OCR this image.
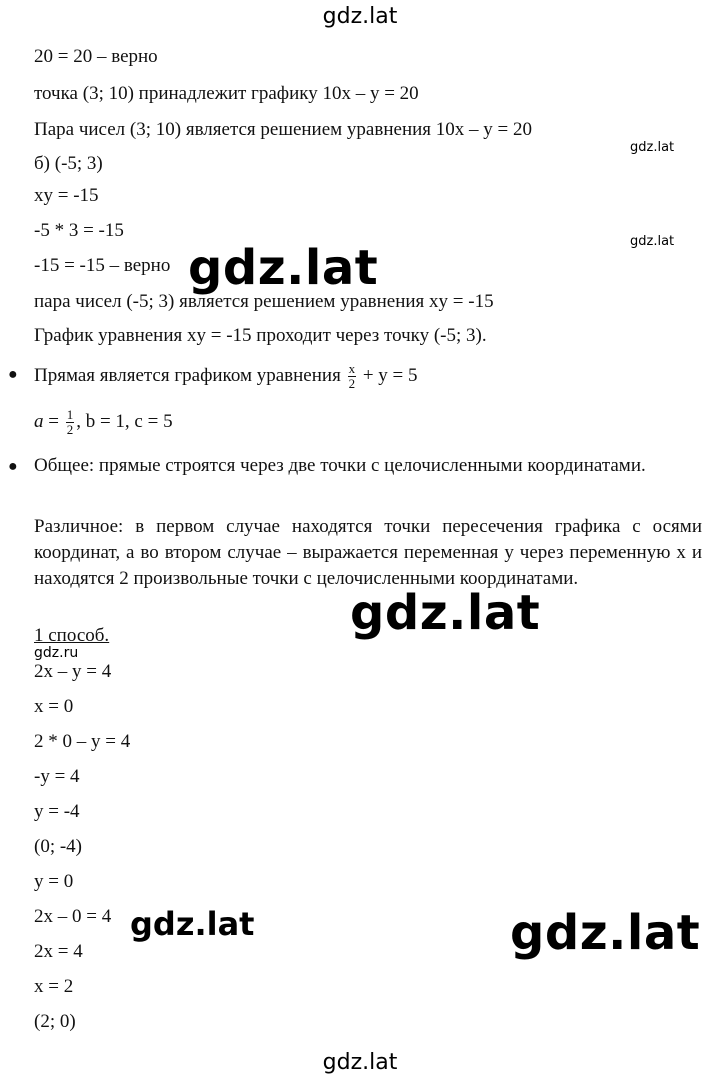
gdz.lat
gdz.lat
gdz.lat
20 = 20 – верно
точка (3; 10) принадлежит графику 10x – y = 20
Пара чисел (3; 10) является решением уравнения 10x – y = 20
б) (-5; 3)
xy = -15
-5 * 3 = -15
-15 = -15 – верно gdz.lat
пара чисел (-5; 3) является решением уравнения xy = -15
График уравнения xy = -15 проходит через точку (-5; 3).
● Прямая является графиком уравнения $\frac{x}{2} + y = 5$
$a = \frac{1}{2}$ , b = 1, c = 5
● Общее: прямые строятся через две точки с целочисленными координатами.
Различное: в первом случае находятся точки пересечения графика с осями координат, а во втором случае – выражается переменная y через переменную x и находятся 2 произвольные точки с целочисленными координатами.
gdz.lat
1 способ.
gdz.ru
2x – y = 4
x = 0
2 * 0 – y = 4
-y = 4
y = -4
(0; -4)
y = 0
2x – 0 = 4
2x = 4
x = 2
(2; 0)
gdz.lat	gdz.lat
gdz.lat
